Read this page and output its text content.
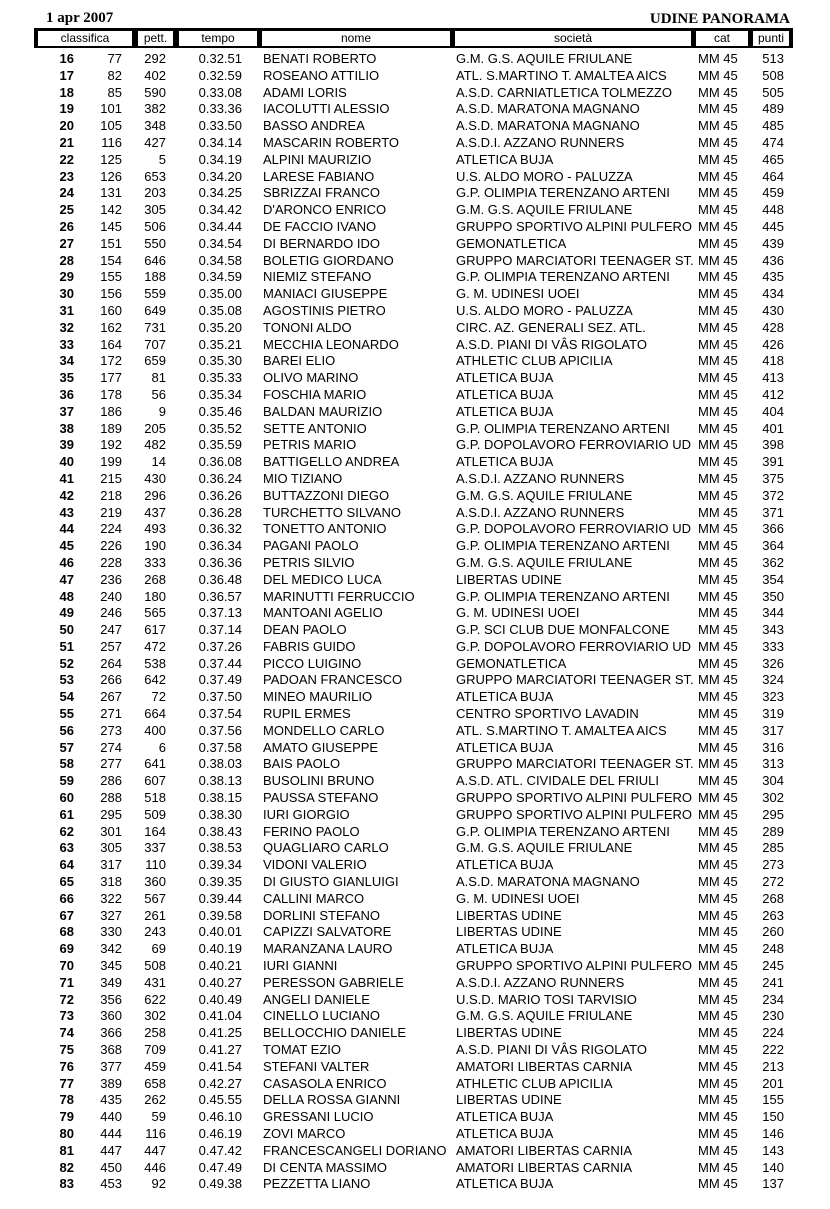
1 apr 2007	UDINE PANORAMA
classifica	pett.	tempo	nome	società	cat	punti
16	77	292	0.32.51 BENATI ROBERTO	G.M. G.S. AQUILE FRIULANE	MM 45	513
17	82	402	0.32.59 ROSEANO ATTILIO	ATL. S.MARTINO T. AMALTEA AICS MM 45	508
18	85	590	0.33.08 ADAMI LORIS	A.S.D. CARNIATLETICA TOLMEZZO MM 45	505
19	101	382	0.33.36 IACOLUTTI ALESSIO	A.S.D. MARATONA MAGNANO	MM 45	489
20	105	348	0.33.50 BASSO ANDREA	A.S.D. MARATONA MAGNANO	MM 45	485
21	116	427	0.34.14 MASCARIN ROBERTO	A.S.D.I. AZZANO RUNNERS	MM 45	474
22	125	5	0.34.19 ALPINI MAURIZIO	ATLETICA BUJA	MM 45	465
23	126	653	0.34.20 LARESE FABIANO	U.S. ALDO MORO - PALUZZA	MM 45	464
24	131	203	0.34.25 SBRIZZAI FRANCO	G.P. OLIMPIA TERENZANO ARTENI MM 45	459
25	142	305	0.34.42 D'ARONCO ENRICO	G.M. G.S. AQUILE FRIULANE	MM 45	448
26	145	506	0.34.44 DE FACCIO IVANO	GRUPPO SPORTIVO ALPINI PULFERO MM 45	445
27	151	550	0.34.54 DI BERNARDO IDO	GEMONATLETICA	MM 45	439
28	154	646	0.34.58 BOLETIG GIORDANO	GRUPPO MARCIATORI TEENAGER ST. MM 45	436
29	155	188	0.34.59 NIEMIZ STEFANO	G.P. OLIMPIA TERENZANO ARTENI MM 45	435
30	156	559	0.35.00 MANIACI GIUSEPPE	G. M. UDINESI UOEI	MM 45	434
31	160	649	0.35.08 AGOSTINIS PIETRO	U.S. ALDO MORO - PALUZZA	MM 45	430
32	162	731	0.35.20 TONONI ALDO	CIRC. AZ. GENERALI SEZ. ATL.	MM 45	428
33	164	707	0.35.21 MECCHIA LEONARDO	A.S.D. PIANI DI VÂS RIGOLATO	MM 45	426
34	172	659	0.35.30 BAREI ELIO	ATHLETIC CLUB APICILIA	MM 45	418
35	177	81	0.35.33 OLIVO MARINO	ATLETICA BUJA	MM 45	413
36	178	56	0.35.34 FOSCHIA MARIO	ATLETICA BUJA	MM 45	412
37	186	9	0.35.46 BALDAN MAURIZIO	ATLETICA BUJA	MM 45	404
38	189	205	0.35.52 SETTE ANTONIO	G.P. OLIMPIA TERENZANO ARTENI MM 45	401
39	192	482	0.35.59 PETRIS MARIO	G.P. DOPOLAVORO FERROVIARIO UD MM 45	398
40	199	14	0.36.08 BATTIGELLO ANDREA	ATLETICA BUJA	MM 45	391
41	215	430	0.36.24 MIO TIZIANO	A.S.D.I. AZZANO RUNNERS	MM 45	375
42	218	296	0.36.26 BUTTAZZONI DIEGO	G.M. G.S. AQUILE FRIULANE	MM 45	372
43	219	437	0.36.28 TURCHETTO SILVANO	A.S.D.I. AZZANO RUNNERS	MM 45	371
44	224	493	0.36.32 TONETTO ANTONIO	G.P. DOPOLAVORO FERROVIARIO UD MM 45	366
45	226	190	0.36.34 PAGANI PAOLO	G.P. OLIMPIA TERENZANO ARTENI MM 45	364
46	228	333	0.36.36 PETRIS SILVIO	G.M. G.S. AQUILE FRIULANE	MM 45	362
47	236	268	0.36.48 DEL MEDICO LUCA	LIBERTAS UDINE	MM 45	354
48	240	180	0.36.57 MARINUTTI FERRUCCIO	G.P. OLIMPIA TERENZANO ARTENI MM 45	350
49	246	565	0.37.13 MANTOANI AGELIO	G. M. UDINESI UOEI	MM 45	344
50	247	617	0.37.14 DEAN PAOLO	G.P. SCI CLUB DUE MONFALCONE MM 45	343
51	257	472	0.37.26 FABRIS GUIDO	G.P. DOPOLAVORO FERROVIARIO UD MM 45	333
52	264	538	0.37.44 PICCO LUIGINO	GEMONATLETICA	MM 45	326
53	266	642	0.37.49 PADOAN FRANCESCO	GRUPPO MARCIATORI TEENAGER ST. MM 45	324
54	267	72	0.37.50 MINEO MAURILIO	ATLETICA BUJA	MM 45	323
55	271	664	0.37.54 RUPIL ERMES	CENTRO SPORTIVO LAVADIN	MM 45	319
56	273	400	0.37.56 MONDELLO CARLO	ATL. S.MARTINO T. AMALTEA AICS MM 45	317
57	274	6	0.37.58 AMATO GIUSEPPE	ATLETICA BUJA	MM 45	316
58	277	641	0.38.03 BAIS PAOLO	GRUPPO MARCIATORI TEENAGER ST. MM 45	313
59	286	607	0.38.13 BUSOLINI BRUNO	A.S.D. ATL. CIVIDALE DEL FRIULI	MM 45	304
60	288	518	0.38.15 PAUSSA STEFANO	GRUPPO SPORTIVO ALPINI PULFERO MM 45	302
61	295	509	0.38.30 IURI GIORGIO	GRUPPO SPORTIVO ALPINI PULFERO MM 45	295
62	301	164	0.38.43 FERINO PAOLO	G.P. OLIMPIA TERENZANO ARTENI MM 45	289
63	305	337	0.38.53 QUAGLIARO CARLO	G.M. G.S. AQUILE FRIULANE	MM 45	285
64	317	110	0.39.34 VIDONI VALERIO	ATLETICA BUJA	MM 45	273
65	318	360	0.39.35 DI GIUSTO GIANLUIGI	A.S.D. MARATONA MAGNANO	MM 45	272
66	322	567	0.39.44 CALLINI MARCO	G. M. UDINESI UOEI	MM 45	268
67	327	261	0.39.58 DORLINI STEFANO	LIBERTAS UDINE	MM 45	263
68	330	243	0.40.01 CAPIZZI SALVATORE	LIBERTAS UDINE	MM 45	260
69	342	69	0.40.19 MARANZANA LAURO	ATLETICA BUJA	MM 45	248
70	345	508	0.40.21 IURI GIANNI	GRUPPO SPORTIVO ALPINI PULFERO MM 45	245
71	349	431	0.40.27 PERESSON GABRIELE	A.S.D.I. AZZANO RUNNERS	MM 45	241
72	356	622	0.40.49 ANGELI DANIELE	U.S.D. MARIO TOSI TARVISIO	MM 45	234
73	360	302	0.41.04 CINELLO LUCIANO	G.M. G.S. AQUILE FRIULANE	MM 45	230
74	366	258	0.41.25 BELLOCCHIO DANIELE	LIBERTAS UDINE	MM 45	224
75	368	709	0.41.27 TOMAT EZIO	A.S.D. PIANI DI VÂS RIGOLATO	MM 45	222
76	377	459	0.41.54 STEFANI VALTER	AMATORI LIBERTAS CARNIA	MM 45	213
77	389	658	0.42.27 CASASOLA ENRICO	ATHLETIC CLUB APICILIA	MM 45	201
78	435	262	0.45.55 DELLA ROSSA GIANNI	LIBERTAS UDINE	MM 45	155
79	440	59	0.46.10 GRESSANI LUCIO	ATLETICA BUJA	MM 45	150
80	444	116	0.46.19 ZOVI MARCO	ATLETICA BUJA	MM 45	146
81	447	447	0.47.42 FRANCESCANGELI DORIANO AMATORI LIBERTAS CARNIA	MM 45	143
82	450	446	0.47.49 DI CENTA MASSIMO	AMATORI LIBERTAS CARNIA	MM 45	140
83	453	92	0.49.38 PEZZETTA LIANO	ATLETICA BUJA	MM 45	137
